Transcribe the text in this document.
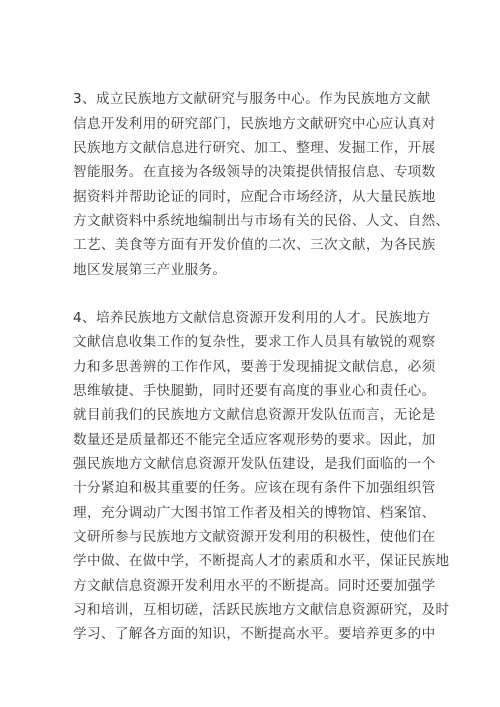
3、成立民族地方文献研究与服务中心。作为民族地方文献
信息开发利用的研究部门，民族地方文献研究中心应认真对
民族地方文献信息进行研究、加工、整理、发掘工作，开展
智能服务。在直接为各级领导的决策提供情报信息、专项数
据资料并帮助论证的同时，应配合市场经济，从大量民族地
方文献资料中系统地编制出与市场有关的民俗、人文、自然、
工艺、美食等方面有开发价值的二次、三次文献，为各民族
地区发展第三产业服务。
4、培养民族地方文献信息资源开发利用的人才。民族地方
文献信息收集工作的复杂性，要求工作人员具有敏锐的观察
力和多思善辨的工作作风，要善于发现捕捉文献信息，必须
思维敏捷、手快腿勤，同时还要有高度的事业心和责任心。
就目前我们的民族地方文献信息资源开发队伍而言，无论是
数量还是质量都还不能完全适应客观形势的要求。因此，加
强民族地方文献信息资源开发队伍建设，是我们面临的一个
十分紧迫和极其重要的任务。应该在现有条件下加强组织管
理，充分调动广大图书馆工作者及相关的博物馆、档案馆、
文研所参与民族地方文献资源开发利用的积极性，使他们在
学中做、在做中学，不断提高人才的素质和水平，保证民族地
方文献信息资源开发利用水平的不断提高。同时还要加强学
习和培训，互相切磋，活跃民族地方文献信息资源研究，及时
学习、了解各方面的知识，不断提高水平。要培养更多的中
